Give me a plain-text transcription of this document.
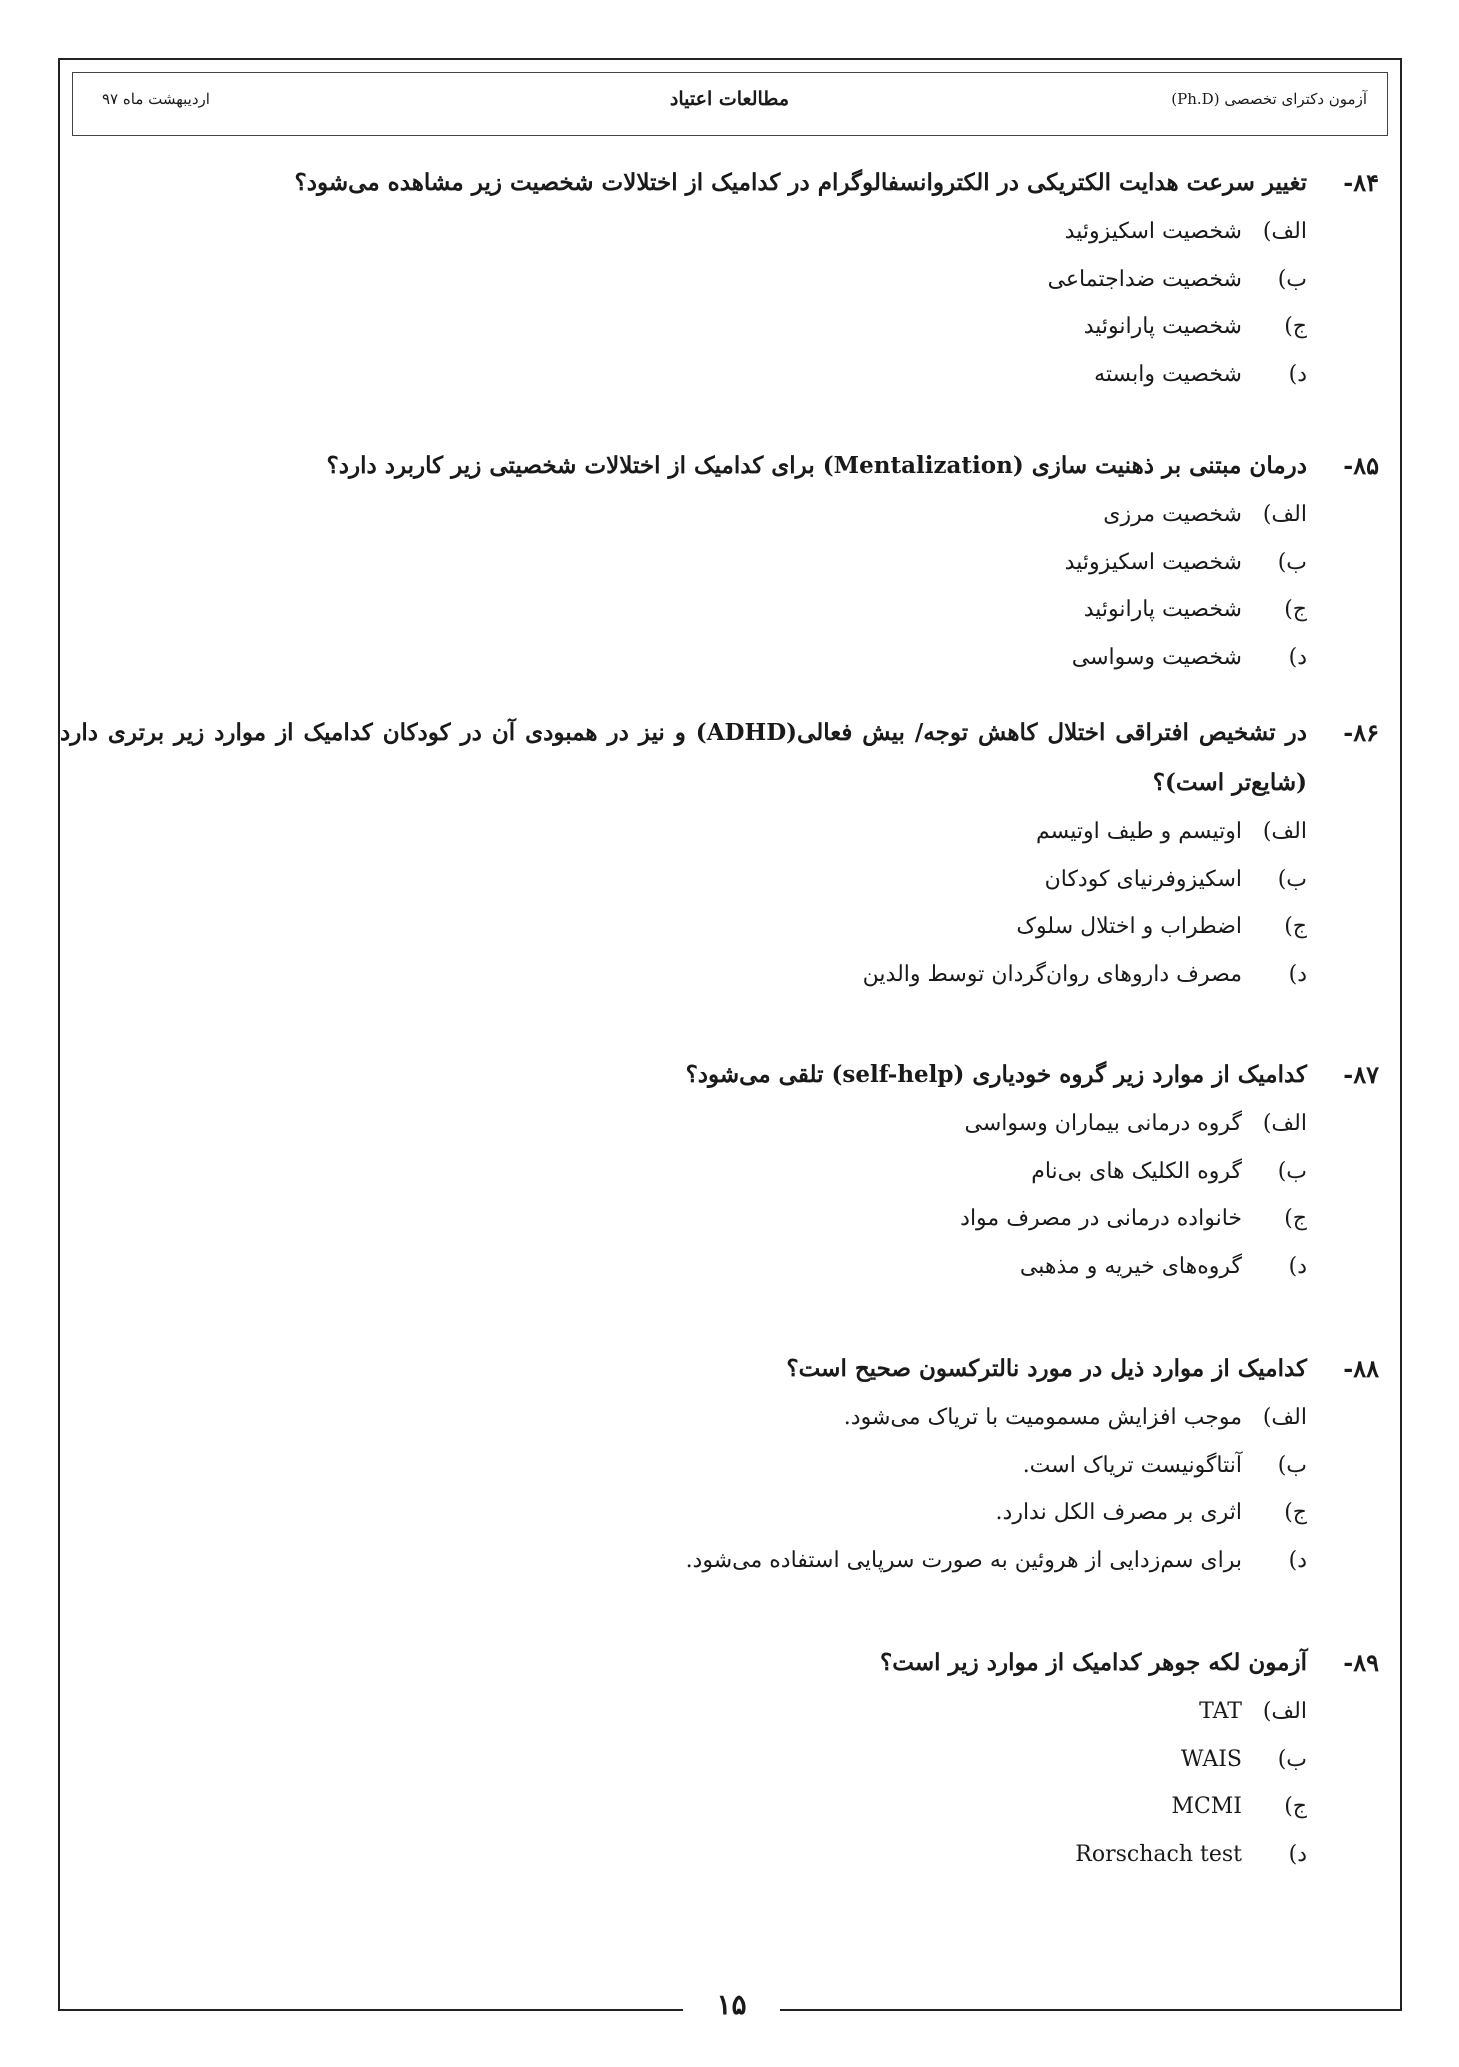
آزمون دکترای تخصصی (Ph.D)
مطالعات اعتیاد
اردیبهشت ماه ۹۷
۸۴-
تغییر سرعت هدایت الکتریکی در الکتروانسفالوگرام در کدامیک از اختلالات شخصیت زیر مشاهده می‌شود؟
الف)
شخصیت اسکیزوئید
ب)
شخصیت ضداجتماعی
ج)
شخصیت پارانوئید
د)
شخصیت وابسته
۸۵-
درمان مبتنی بر ذهنیت سازی (Mentalization) برای کدامیک از اختلالات شخصیتی زیر کاربرد دارد؟
الف)
شخصیت مرزی
ب)
شخصیت اسکیزوئید
ج)
شخصیت پارانوئید
د)
شخصیت وسواسی
۸۶-
در تشخیص افتراقی اختلال کاهش توجه/ بیش فعالی(ADHD) و نیز در همبودی آن در کودکان کدامیک از موارد زیر برتری دارد (شایع‌تر است)؟
الف)
اوتیسم و طیف اوتیسم
ب)
اسکیزوفرنیای کودکان
ج)
اضطراب و اختلال سلوک
د)
مصرف داروهای روان‌گردان توسط والدین
۸۷-
کدامیک از موارد زیر گروه خودیاری (self-help) تلقی می‌شود؟
الف)
گروه درمانی بیماران وسواسی
ب)
گروه الکلیک های بی‌نام
ج)
خانواده درمانی در مصرف مواد
د)
گروه‌های خیریه و مذهبی
۸۸-
کدامیک از موارد ذیل در مورد نالترکسون صحیح است؟
الف)
موجب افزایش مسمومیت با تریاک می‌شود.
ب)
آنتاگونیست تریاک است.
ج)
اثری بر مصرف الکل ندارد.
د)
برای سم‌زدایی از هروئین به صورت سرپایی استفاده می‌شود.
۸۹-
آزمون لکه جوهر کدامیک از موارد زیر است؟
الف)
TAT
ب)
WAIS
ج)
MCMI
د)
Rorschach test
۱۵
